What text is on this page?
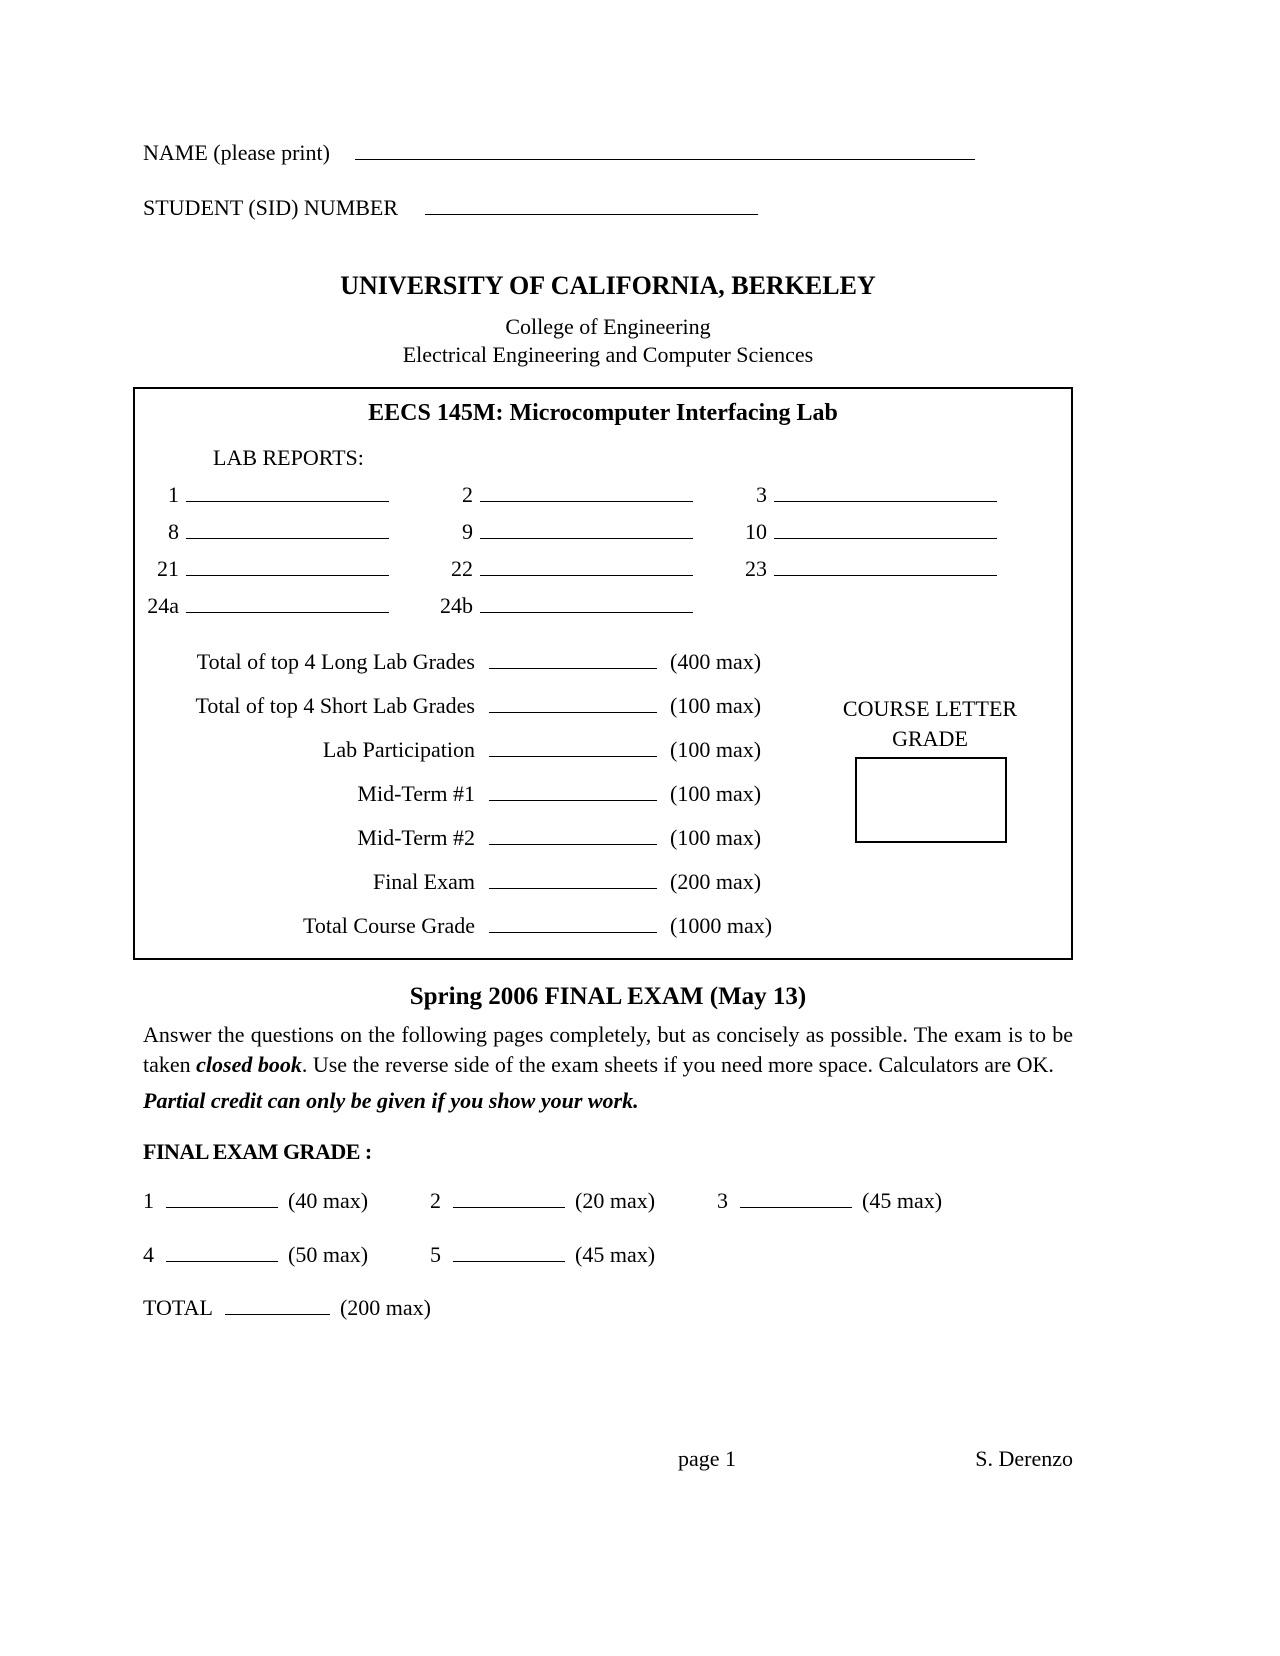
NAME (please print)
STUDENT (SID) NUMBER
UNIVERSITY OF CALIFORNIA, BERKELEY
College of Engineering
Electrical Engineering and Computer Sciences
EECS 145M: Microcomputer Interfacing Lab
LAB REPORTS:
1	2	3
8	9	10
21	22	23
24a	24b
Total of top 4 Long Lab Grades	(400 max)
Total of top 4 Short Lab Grades	(100 max)
Lab Participation	(100 max)
Mid-Term #1	(100 max)
Mid-Term #2	(100 max)
Final Exam	(200 max)
Total Course Grade	(1000 max)
COURSE LETTER GRADE
Spring 2006 FINAL EXAM (May 13)

Answer the questions on the following pages completely, but as concisely as possible. The exam is to be taken closed book. Use the reverse side of the exam sheets if you need more space. Calculators are OK.

Partial credit can only be given if you show your work.
FINAL EXAM GRADE :
1	(40 max)	2	(20 max)	3	(45 max)
4	(50 max)	5	(45 max)
TOTAL	(200 max)
page 1	S. Derenzo
